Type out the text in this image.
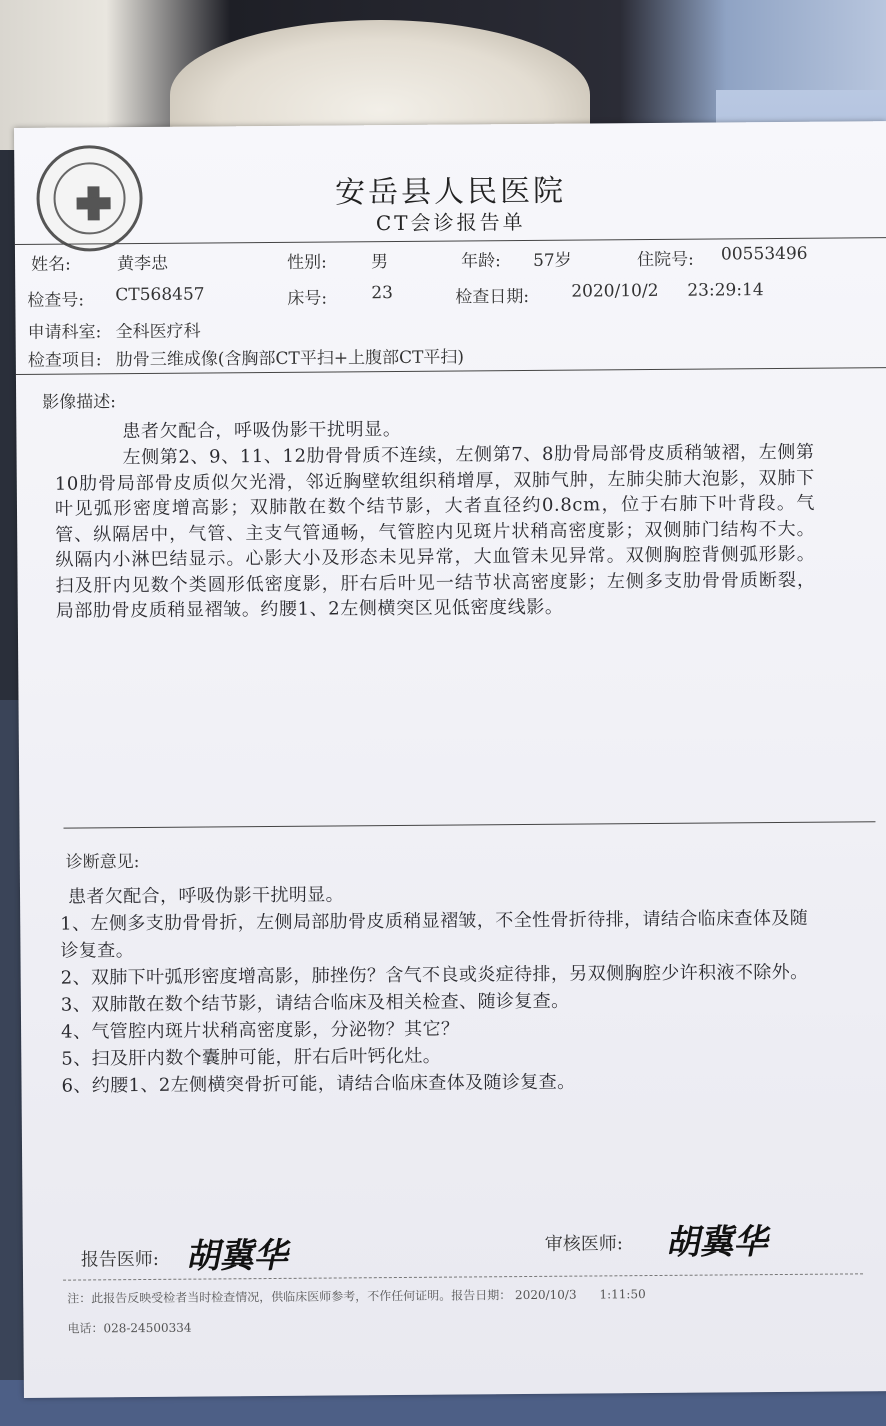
安岳县人民医院
CT会诊报告单
姓名:	黄李忠	性别:	男	年龄: 57岁	住院号: 00553496
检查号: CT568457	床号:	23	检查日期: 2020/10/2 23:29:14
申请科室: 全科医疗科
检查项目: 肋骨三维成像(含胸部CT平扫+上腹部CT平扫)
影像描述:
患者欠配合，呼吸伪影干扰明显。
左侧第2、9、11、12肋骨骨质不连续，左侧第7、8肋骨局部骨皮质稍皱褶，左侧第10肋骨局部骨皮质似欠光滑，邻近胸壁软组织稍增厚，双肺气肿，左肺尖肺大泡影，双肺下叶见弧形密度增高影；双肺散在数个结节影，大者直径约0.8cm，位于右肺下叶背段。气管、纵隔居中，气管、主支气管通畅，气管腔内见斑片状稍高密度影；双侧肺门结构不大。纵隔内小淋巴结显示。心影大小及形态未见异常，大血管未见异常。双侧胸腔背侧弧形影。扫及肝内见数个类圆形低密度影，肝右后叶见一结节状高密度影；左侧多支肋骨骨质断裂，局部肋骨皮质稍显褶皱。约腰1、2左侧横突区见低密度线影。
诊断意见:
患者欠配合，呼吸伪影干扰明显。
1、左侧多支肋骨骨折，左侧局部肋骨皮质稍显褶皱，不全性骨折待排，请结合临床查体及随诊复查。
2、双肺下叶弧形密度增高影，肺挫伤？含气不良或炎症待排，另双侧胸腔少许积液不除外。
3、双肺散在数个结节影，请结合临床及相关检查、随诊复查。
4、气管腔内斑片状稍高密度影，分泌物？其它？
5、扫及肝内数个囊肿可能，肝右后叶钙化灶。
6、约腰1、2左侧横突骨折可能，请结合临床查体及随诊复查。
报告医师: 胡冀华	审核医师: 胡冀华
注：此报告反映受检者当时检查情况，供临床医师参考，不作任何证明。报告日期： 2020/10/3 1:11:50
电话：028-24500334
